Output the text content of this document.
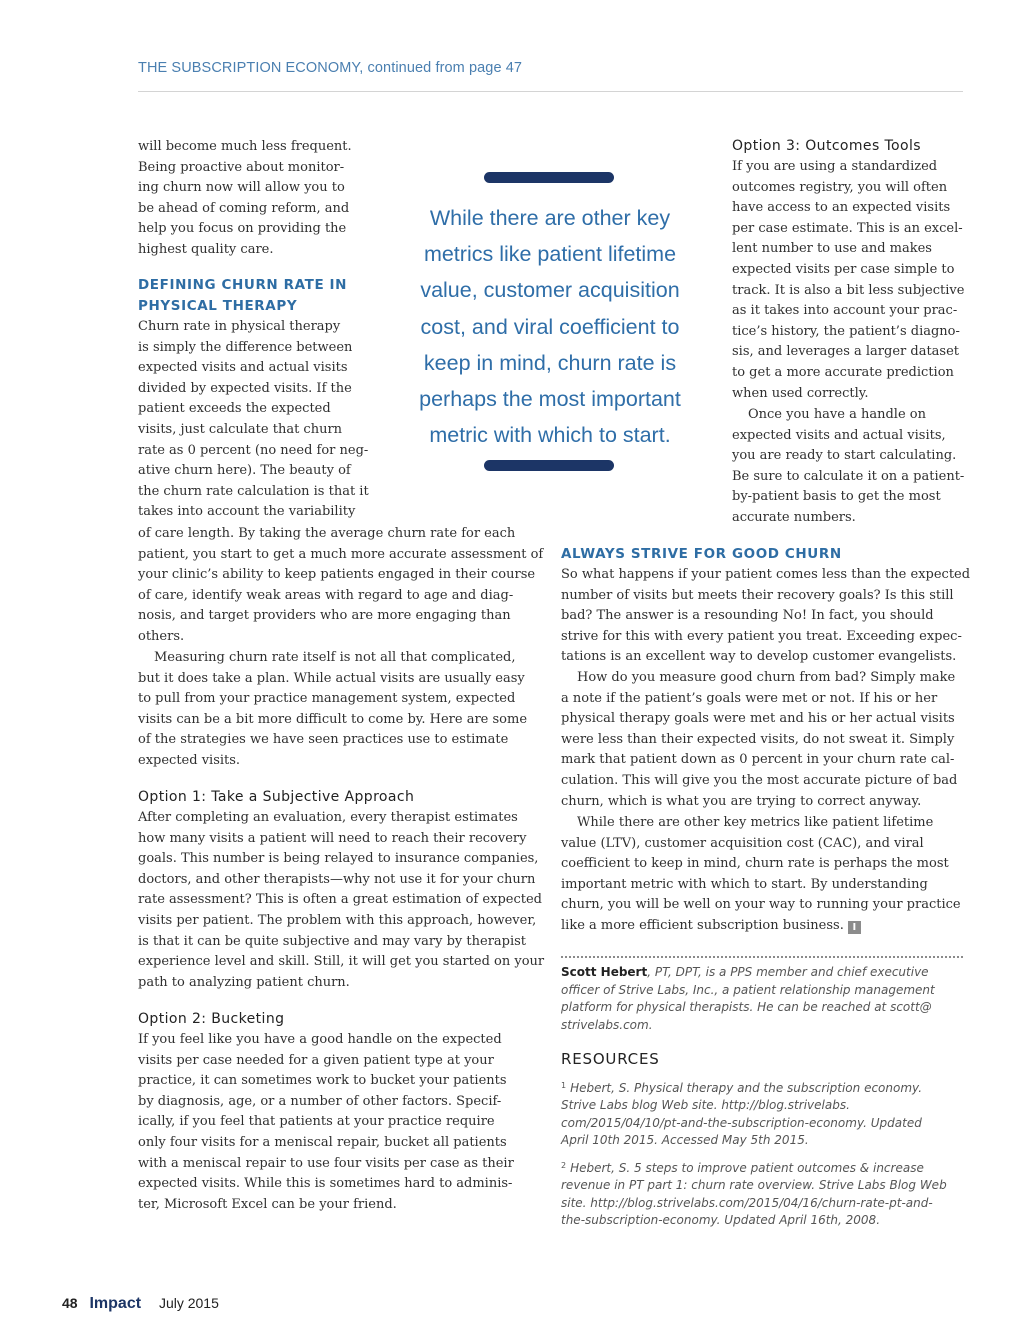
THE SUBSCRIPTION ECONOMY, continued from page 47
will become much less frequent.
Being proactive about monitor-
ing churn now will allow you to
be ahead of coming reform, and
help you focus on providing the
highest quality care.
DEFINING CHURN RATE IN
PHYSICAL THERAPY
Churn rate in physical therapy
is simply the difference between
expected visits and actual visits
divided by expected visits. If the
patient exceeds the expected
visits, just calculate that churn
rate as 0 percent (no need for neg-
ative churn here). The beauty of
the churn rate calculation is that it
takes into account the variability
of care length. By taking the average churn rate for each
patient, you start to get a much more accurate assessment of
your clinic’s ability to keep patients engaged in their course
of care, identify weak areas with regard to age and diag-
nosis, and target providers who are more engaging than
others.
Measuring churn rate itself is not all that complicated,
but it does take a plan. While actual visits are usually easy
to pull from your practice management system, expected
visits can be a bit more difficult to come by. Here are some
of the strategies we have seen practices use to estimate
expected visits.
Option 1: Take a Subjective Approach
After completing an evaluation, every therapist estimates
how many visits a patient will need to reach their recovery
goals. This number is being relayed to insurance companies,
doctors, and other therapists—why not use it for your churn
rate assessment? This is often a great estimation of expected
visits per patient. The problem with this approach, however,
is that it can be quite subjective and may vary by therapist
experience level and skill. Still, it will get you started on your
path to analyzing patient churn.
Option 2: Bucketing
If you feel like you have a good handle on the expected
visits per case needed for a given patient type at your
practice, it can sometimes work to bucket your patients
by diagnosis, age, or a number of other factors. Specif-
ically, if you feel that patients at your practice require
only four visits for a meniscal repair, bucket all patients
with a meniscal repair to use four visits per case as their
expected visits. While this is sometimes hard to adminis-
ter, Microsoft Excel can be your friend.
While there are other key
metrics like patient lifetime
value, customer acquisition
cost, and viral coefficient to
keep in mind, churn rate is
perhaps the most important
metric with which to start.
Option 3: Outcomes Tools
If you are using a standardized
outcomes registry, you will often
have access to an expected visits
per case estimate. This is an excel-
lent number to use and makes
expected visits per case simple to
track. It is also a bit less subjective
as it takes into account your prac-
tice’s history, the patient’s diagno-
sis, and leverages a larger dataset
to get a more accurate prediction
when used correctly.
Once you have a handle on
expected visits and actual visits,
you are ready to start calculating.
Be sure to calculate it on a patient-
by-patient basis to get the most
accurate numbers.
ALWAYS STRIVE FOR GOOD CHURN
So what happens if your patient comes less than the expected
number of visits but meets their recovery goals? Is this still
bad? The answer is a resounding No! In fact, you should
strive for this with every patient you treat. Exceeding expec-
tations is an excellent way to develop customer evangelists.
How do you measure good churn from bad? Simply make
a note if the patient’s goals were met or not. If his or her
physical therapy goals were met and his or her actual visits
were less than their expected visits, do not sweat it. Simply
mark that patient down as 0 percent in your churn rate cal-
culation. This will give you the most accurate picture of bad
churn, which is what you are trying to correct anyway.
While there are other key metrics like patient lifetime
value (LTV), customer acquisition cost (CAC), and viral
coefficient to keep in mind, churn rate is perhaps the most
important metric with which to start. By understanding
churn, you will be well on your way to running your practice
like a more efficient subscription business. I
Scott Hebert, PT, DPT, is a PPS member and chief executive
officer of Strive Labs, Inc., a patient relationship management
platform for physical therapists. He can be reached at scott@
strivelabs.com.
RESOURCES
$^1$ Hebert, S. Physical therapy and the subscription economy.
Strive Labs blog Web site. http://blog.strivelabs.
com/2015/04/10/pt-and-the-subscription-economy. Updated
April 10th 2015. Accessed May 5th 2015.
$^2$ Hebert, S. 5 steps to improve patient outcomes & increase
revenue in PT part 1: churn rate overview. Strive Labs Blog Web
site. http://blog.strivelabs.com/2015/04/16/churn-rate-pt-and-
the-subscription-economy. Updated April 16th, 2008.
48 Impact July 2015
